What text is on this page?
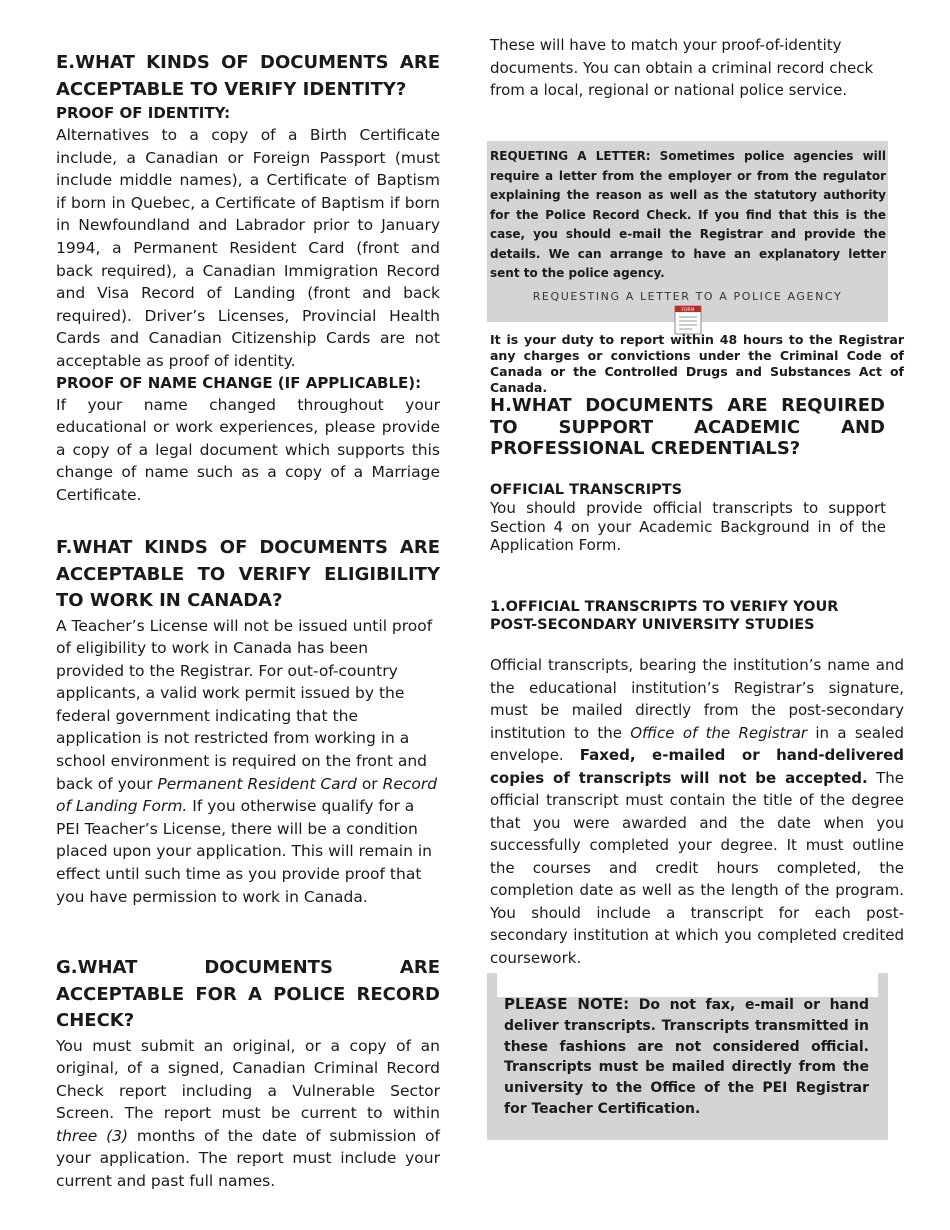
E.WHAT KINDS OF DOCUMENTS ARE ACCEPTABLE TO VERIFY IDENTITY?
PROOF OF IDENTITY:

Alternatives to a copy of a Birth Certificate include, a Canadian or Foreign Passport (must include middle names), a Certificate of Baptism if born in Quebec, a Certificate of Baptism if born in Newfoundland and Labrador prior to January 1994, a Permanent Resident Card (front and back required), a Canadian Immigration Record and Visa Record of Landing (front and back required). Driver’s Licenses, Provincial Health Cards and Canadian Citizenship Cards are not acceptable as proof of identity.

PROOF OF NAME CHANGE (IF APPLICABLE):

If your name changed throughout your educational or work experiences, please provide a copy of a legal document which supports this change of name such as a copy of a Marriage Certificate.

F.WHAT KINDS OF DOCUMENTS ARE ACCEPTABLE TO VERIFY ELIGIBILITY TO WORK IN CANADA?

A Teacher’s License will not be issued until proof of eligibility to work in Canada has been provided to the Registrar. For out-of-country applicants, a valid work permit issued by the federal government indicating that the application is not restricted from working in a school environment is required on the front and back of your Permanent Resident Card or Record of Landing Form. If you otherwise qualify for a PEI Teacher’s License, there will be a condition placed upon your application. This will remain in effect until such time as you provide proof that you have permission to work in Canada.

G.WHAT DOCUMENTS ARE ACCEPTABLE FOR A POLICE RECORD CHECK?

You must submit an original, or a copy of an original, of a signed, Canadian Criminal Record Check report including a Vulnerable Sector Screen. The report must be current to within three (3) months of the date of submission of your application. The report must include your current and past full names.

These will have to match your proof-of-identity documents. You can obtain a criminal record check from a local, regional or national police service.

REQUETING A LETTER: Sometimes police agencies will require a letter from the employer or from the regulator explaining the reason as well as the statutory authority for the Police Record Check. If you find that this is the case, you should e-mail the Registrar and provide the details. We can arrange to have an explanatory letter sent to the police agency.

REQUESTING A LETTER TO A POLICE AGENCY
FORM

It is your duty to report within 48 hours to the Registrar any charges or convictions under the Criminal Code of Canada or the Controlled Drugs and Substances Act of Canada.

H.WHAT DOCUMENTS ARE REQUIRED TO SUPPORT ACADEMIC AND PROFESSIONAL CREDENTIALS?
OFFICIAL TRANSCRIPTS

You should provide official transcripts to support Section 4 on your Academic Background in of the Application Form.

1.OFFICIAL TRANSCRIPTS TO VERIFY YOUR POST-SECONDARY UNIVERSITY STUDIES

Official transcripts, bearing the institution’s name and the educational institution’s Registrar’s signature, must be mailed directly from the post-secondary institution to the Office of the Registrar in a sealed envelope. Faxed, e-mailed or hand-delivered copies of transcripts will not be accepted. The official transcript must contain the title of the degree that you were awarded and the date when you successfully completed your degree. It must outline the courses and credit hours completed, the completion date as well as the length of the program. You should include a transcript for each post-secondary institution at which you completed credited coursework.

PLEASE NOTE: Do not fax, e-mail or hand deliver transcripts. Transcripts transmitted in these fashions are not considered official. Transcripts must be mailed directly from the university to the Office of the PEI Registrar for Teacher Certification.
